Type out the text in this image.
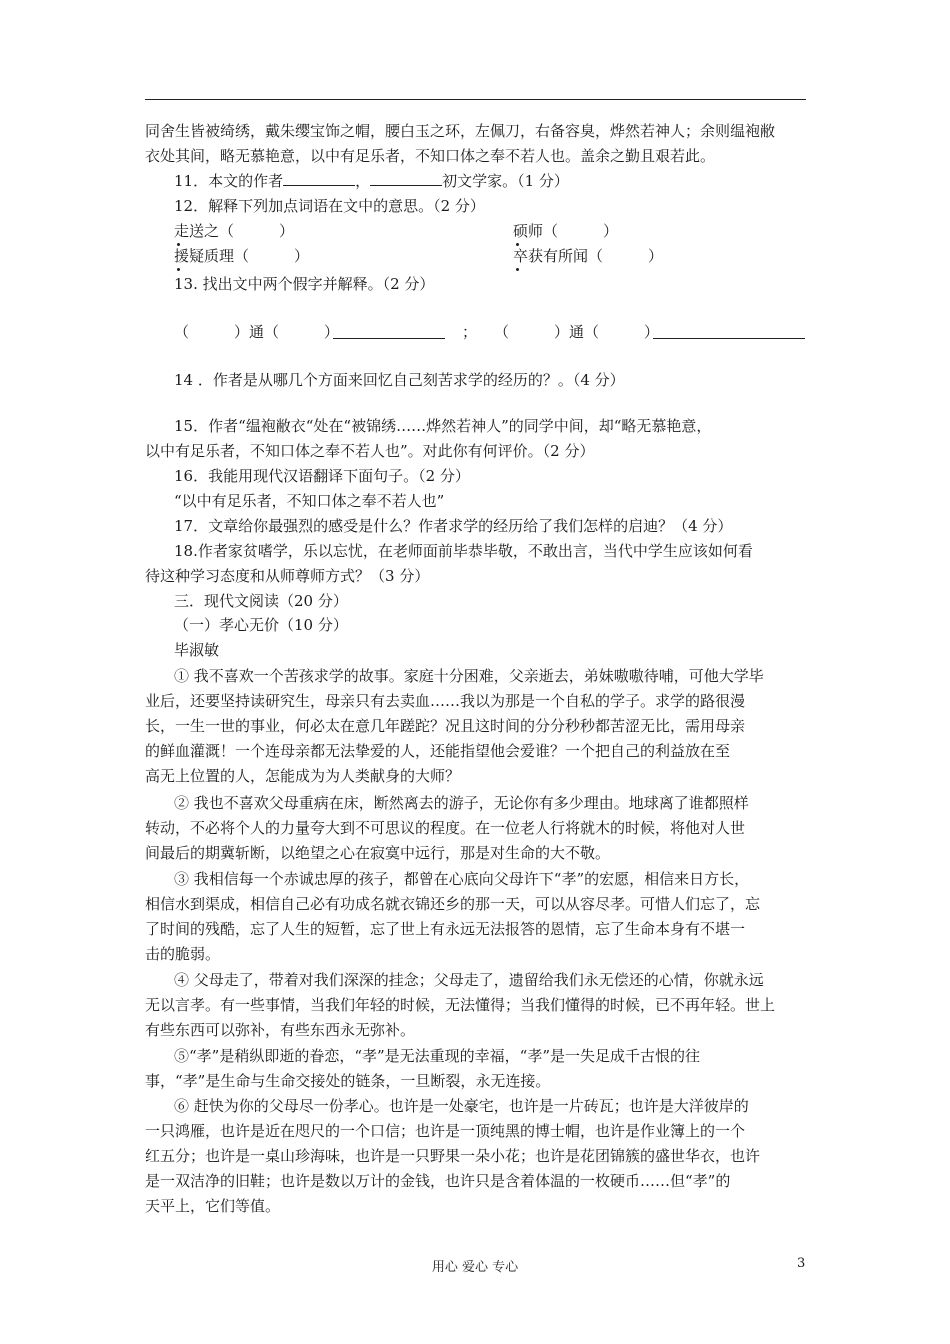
同舍生皆被绮绣，戴朱缨宝饰之帽，腰白玉之环，左佩刀，右备容臭，烨然若神人；余则缊袍敝
衣处其间，略无慕艳意，以中有足乐者，不知口体之奉不若人也。盖余之勤且艰若此。
11．本文的作者	，	初文学家。（1 分）
12．解释下列加点词语在文中的意思。（2 分）
走送之（　　　）	硕师（　　　）
援疑质理（　　　）	卒获有所闻（　　　）
13. 找出文中两个假字并解释。（2 分）
（　　　）通（　　　）	； （　　　）通（　　　）
14 ．作者是从哪几个方面来回忆自己刻苦求学的经历的？。（4 分）
15．作者“缊袍敝衣“处在“被锦绣……烨然若神人”的同学中间，却“略无慕艳意，
以中有足乐者，不知口体之奉不若人也”。对此你有何评价。（2 分）
16．我能用现代汉语翻译下面句子。（2 分）
“以中有足乐者，不知口体之奉不若人也”
17．文章给你最强烈的感受是什么？作者求学的经历给了我们怎样的启迪？（4 分）
18.作者家贫嗜学，乐以忘忧，在老师面前毕恭毕敬，不敢出言，当代中学生应该如何看
待这种学习态度和从师尊师方式？（3 分）
三．现代文阅读（20 分）
（一）孝心无价（10 分）
毕淑敏
① 我不喜欢一个苦孩求学的故事。家庭十分困难，父亲逝去，弟妹嗷嗷待哺，可他大学毕
业后，还要坚持读研究生，母亲只有去卖血……我以为那是一个自私的学子。求学的路很漫
长，一生一世的事业，何必太在意几年蹉跎？况且这时间的分分秒秒都苦涩无比，需用母亲
的鲜血灌溉！一个连母亲都无法挚爱的人，还能指望他会爱谁？一个把自己的利益放在至
高无上位置的人，怎能成为为人类献身的大师？
② 我也不喜欢父母重病在床，断然离去的游子，无论你有多少理由。地球离了谁都照样
转动，不必将个人的力量夸大到不可思议的程度。在一位老人行将就木的时候，将他对人世
间最后的期冀斩断，以绝望之心在寂寞中远行，那是对生命的大不敬。
③ 我相信每一个赤诚忠厚的孩子，都曾在心底向父母许下“孝”的宏愿，相信来日方长，
相信水到渠成，相信自己必有功成名就衣锦还乡的那一天，可以从容尽孝。可惜人们忘了，忘
了时间的残酷，忘了人生的短暂，忘了世上有永远无法报答的恩情，忘了生命本身有不堪一
击的脆弱。
④ 父母走了，带着对我们深深的挂念；父母走了，遗留给我们永无偿还的心情，你就永远
无以言孝。有一些事情，当我们年轻的时候，无法懂得；当我们懂得的时候，已不再年轻。世上
有些东西可以弥补，有些东西永无弥补。
⑤“孝”是稍纵即逝的眷恋，“孝”是无法重现的幸福，“孝”是一失足成千古恨的往
事，“孝”是生命与生命交接处的链条，一旦断裂，永无连接。
⑥ 赶快为你的父母尽一份孝心。也许是一处豪宅，也许是一片砖瓦；也许是大洋彼岸的
一只鸿雁，也许是近在咫尺的一个口信；也许是一顶纯黑的博士帽，也许是作业簿上的一个
红五分；也许是一桌山珍海味，也许是一只野果一朵小花；也许是花团锦簇的盛世华衣，也许
是一双洁净的旧鞋；也许是数以万计的金钱，也许只是含着体温的一枚硬币……但“孝”的
天平上，它们等值。
用心 爱心 专心	3
